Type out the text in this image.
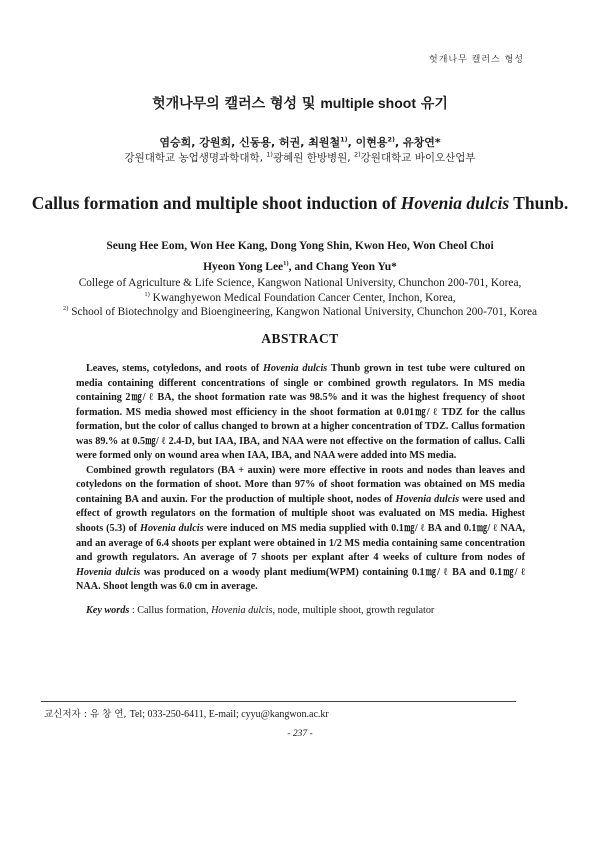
헛개나무 캘러스 형성
헛개나무의 캘러스 형성 및 multiple shoot 유기
염승희, 강원희, 신동용, 허권, 최원철$^{1)}$, 이현용$^{2)}$, 유창연*
강원대학교 농업생명과학대학, $^{1)}$광혜원 한방병원, $^{2)}$강원대학교 바이오산업부
Callus formation and multiple shoot induction of Hovenia dulcis Thunb.
Seung Hee Eom, Won Hee Kang, Dong Yong Shin, Kwon Heo, Won Cheol Choi
Hyeon Yong Lee$^{1)}$, and Chang Yeon Yu*
College of Agriculture & Life Science, Kangwon National University, Chunchon 200-701, Korea,
$^{1)}$ Kwanghyewon Medical Foundation Cancer Center, Inchon, Korea,
$^{2)}$ School of Biotechnolgy and Bioengineering, Kangwon National University, Chunchon 200-701, Korea
ABSTRACT

Leaves, stems, cotyledons, and roots of Hovenia dulcis Thunb grown in test tube were cultured on media containing different concentrations of single or combined growth regulators. In MS media containing 2㎎/ ℓ BA, the shoot formation rate was 98.5% and it was the highest frequency of shoot formation. MS media showed most efficiency in the shoot formation at 0.01㎎/ ℓ TDZ for the callus formation, but the color of callus changed to brown at a higher concentration of TDZ. Callus formation was 89.% at 0.5㎎/ ℓ 2.4-D, but IAA, IBA, and NAA were not effective on the formation of callus. Calli were formed only on wound area when IAA, IBA, and NAA were added into MS media.

Combined growth regulators (BA + auxin) were more effective in roots and nodes than leaves and cotyledons on the formation of shoot. More than 97% of shoot formation was obtained on MS media containing BA and auxin. For the production of multiple shoot, nodes of Hovenia dulcis were used and effect of growth regulators on the formation of multiple shoot was evaluated on MS media. Highest shoots (5.3) of Hovenia dulcis were induced on MS media supplied with 0.1㎎/ ℓ BA and 0.1㎎/ ℓ NAA, and an average of 6.4 shoots per explant were obtained in 1/2 MS media containing same concentration and growth regulators. An average of 7 shoots per explant after 4 weeks of culture from nodes of Hovenia dulcis was produced on a woody plant medium(WPM) containing 0.1㎎/ ℓ BA and 0.1㎎/ ℓ NAA. Shoot length was 6.0 cm in average.

Key words : Callus formation, Hovenia dulcis, node, multiple shoot, growth regulator
교신저자 : 유 창 연, Tel; 033-250-6411, E-mail; cyyu@kangwon.ac.kr
- 237 -
